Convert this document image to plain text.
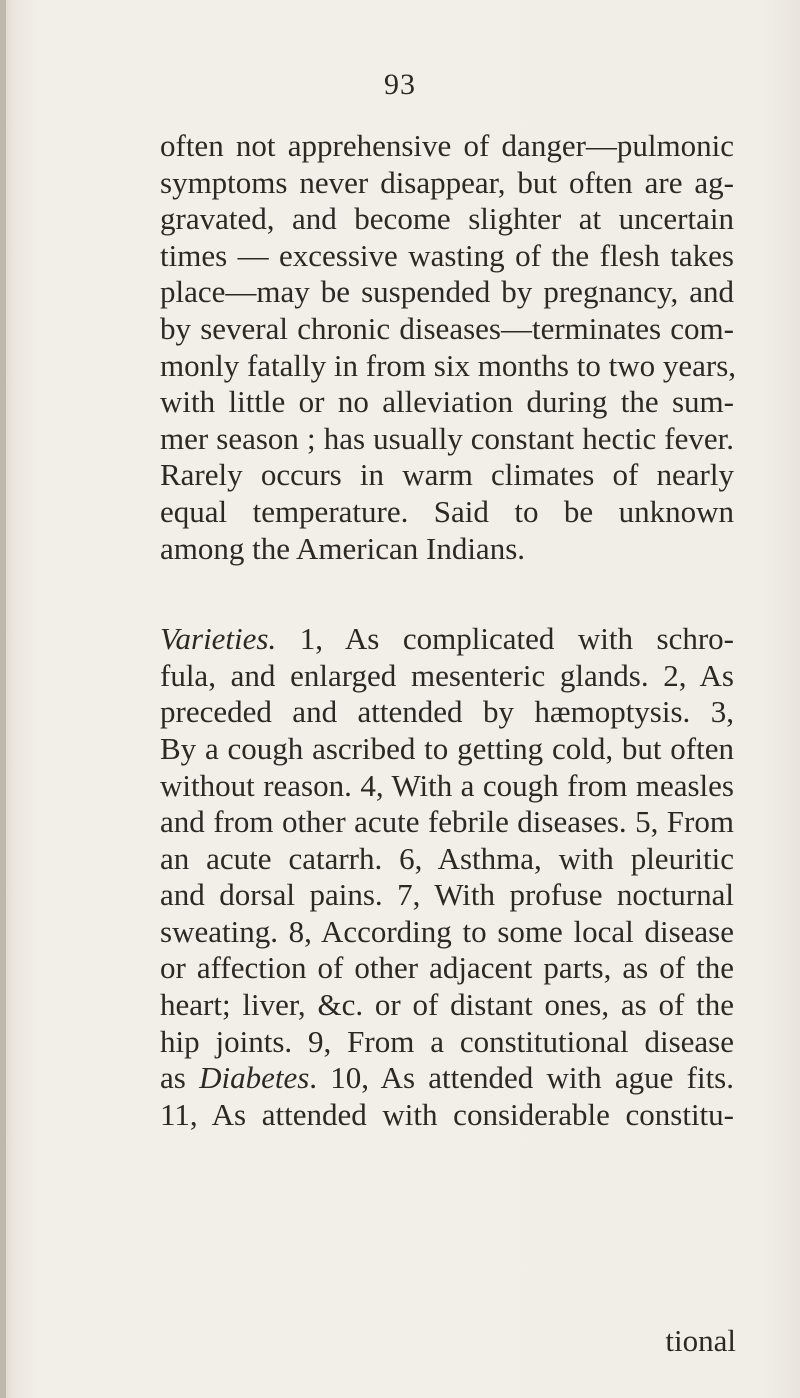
93
often not apprehensive of danger—pulmonic
symptoms never disappear, but often are ag-
gravated, and become slighter at uncertain
times — excessive wasting of the flesh takes
place—may be suspended by pregnancy, and
by several chronic diseases—terminates com-
monly fatally in from six months to two years,
with little or no alleviation during the sum-
mer season ; has usually constant hectic fever.
Rarely occurs in warm climates of nearly
equal temperature. Said to be unknown
among the American Indians.
Varieties. 1, As complicated with schro-
fula, and enlarged mesenteric glands. 2, As
preceded and attended by hæmoptysis. 3,
By a cough ascribed to getting cold, but often
without reason. 4, With a cough from measles
and from other acute febrile diseases. 5, From
an acute catarrh. 6, Asthma, with pleuritic
and dorsal pains. 7, With profuse nocturnal
sweating. 8, According to some local disease
or affection of other adjacent parts, as of the
heart; liver, &c. or of distant ones, as of the
hip joints. 9, From a constitutional disease
as Diabetes. 10, As attended with ague fits.
11, As attended with considerable constitu-
tional
